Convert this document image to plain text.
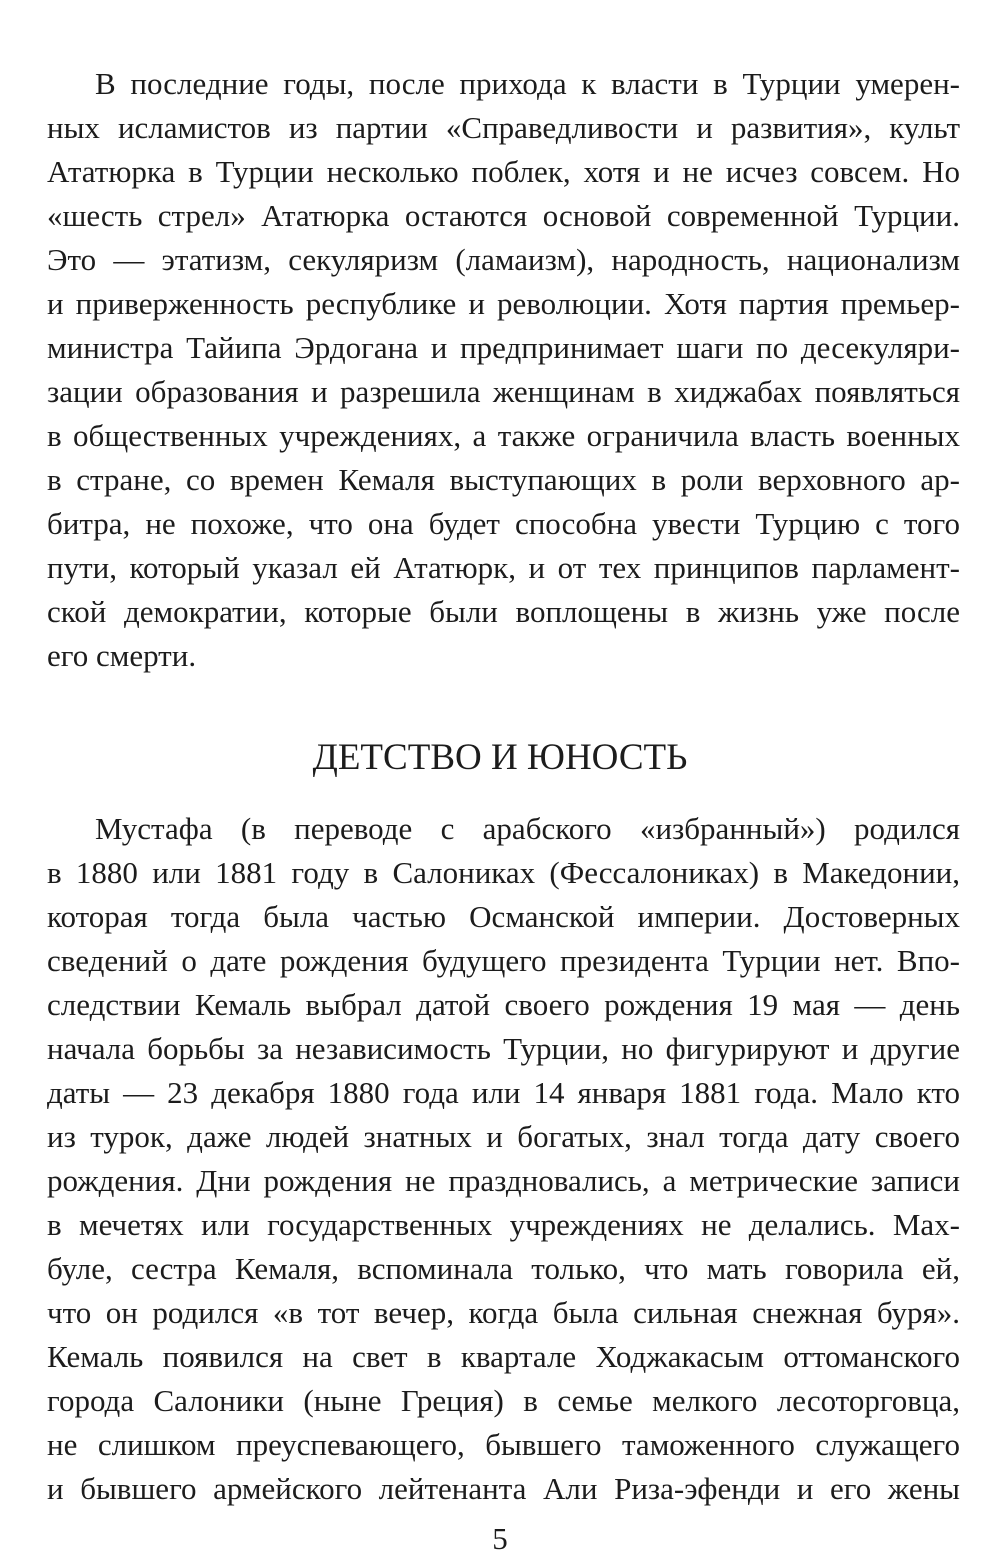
В последние годы, после прихода к власти в Турции умерен-
ных исламистов из партии «Справедливости и развития», культ
Ататюрка в Турции несколько поблек, хотя и не исчез совсем. Но
«шесть стрел» Ататюрка остаются основой современной Турции.
Это — этатизм, секуляризм (ламаизм), народность, национализм
и приверженность республике и революции. Хотя партия премьер-
министра Тайипа Эрдогана и предпринимает шаги по десекуляри-
зации образования и разрешила женщинам в хиджабах появляться
в общественных учреждениях, а также ограничила власть военных
в стране, со времен Кемаля выступающих в роли верховного ар-
битра, не похоже, что она будет способна увести Турцию с того
пути, который указал ей Ататюрк, и от тех принципов парламент-
ской демократии, которые были воплощены в жизнь уже после
его смерти.
ДЕТСТВО И ЮНОСТЬ
Мустафа (в переводе с арабского «избранный») родился
в 1880 или 1881 году в Салониках (Фессалониках) в Македонии,
которая тогда была частью Османской империи. Достоверных
сведений о дате рождения будущего президента Турции нет. Впо-
следствии Кемаль выбрал датой своего рождения 19 мая — день
начала борьбы за независимость Турции, но фигурируют и другие
даты — 23 декабря 1880 года или 14 января 1881 года. Мало кто
из турок, даже людей знатных и богатых, знал тогда дату своего
рождения. Дни рождения не праздновались, а метрические записи
в мечетях или государственных учреждениях не делались. Мах-
буле, сестра Кемаля, вспоминала только, что мать говорила ей,
что он родился «в тот вечер, когда была сильная снежная буря».
Кемаль появился на свет в квартале Ходжакасым оттоманского
города Салоники (ныне Греция) в семье мелкого лесоторговца,
не слишком преуспевающего, бывшего таможенного служащего
и бывшего армейского лейтенанта Али Риза-эфенди и его жены
5
